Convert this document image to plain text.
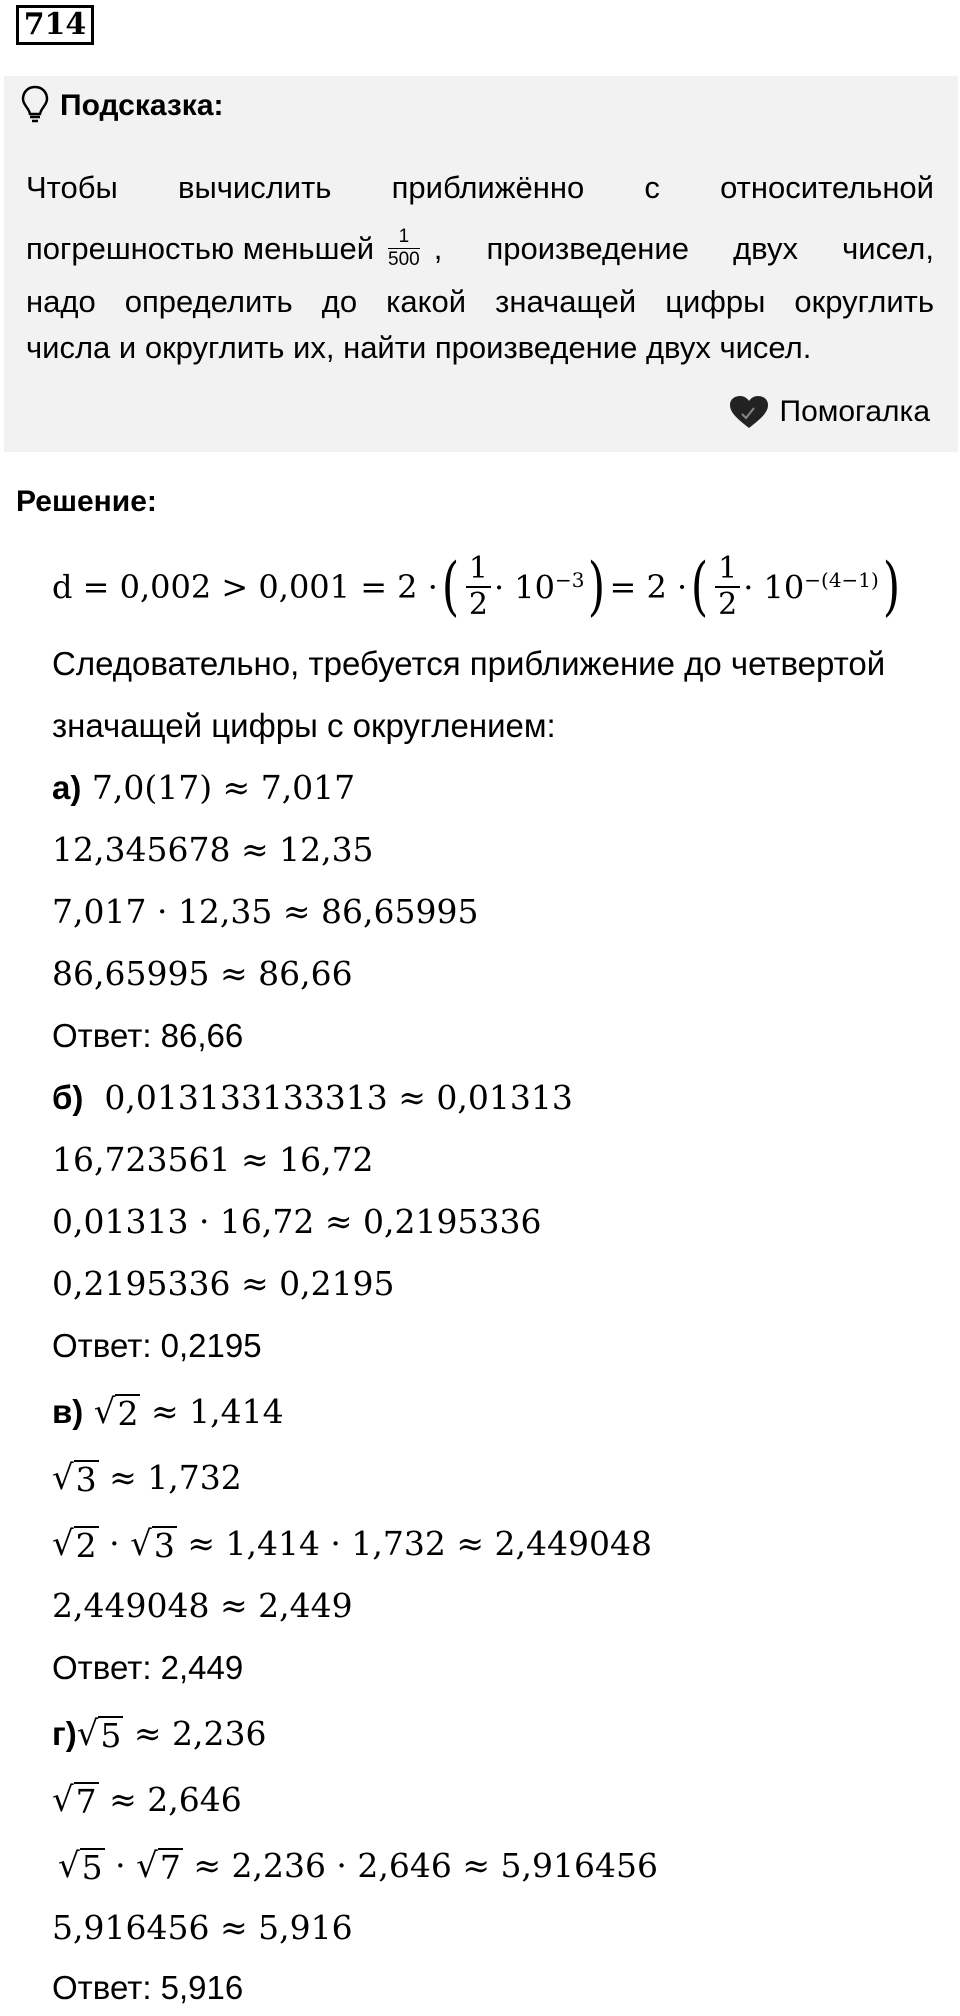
714
Подсказка:
Чтобы вычислить приближённо с относительной
погрешностью меньшей $\frac{1}{500}$ , произведение двух чисел,
надо определить до какой значащей цифры округлить
числа и округлить их, найти произведение двух чисел.
Помогалка
Решение:
d = 0,002 > 0,001 = 2 · ( $\frac{1}{2} \cdot 10^{-3}$ ) = 2 · ( $\frac{1}{2} \cdot 10^{-(4-1)}$ )
Следовательно, требуется приближение до четвертой
значащей цифры с округлением:
а) 7,0(17) ≈ 7,017
12,345678 ≈ 12,35
7,017 · 12,35 ≈ 86,65995
86,65995 ≈ 86,66
Ответ: 86,66
б) 0,013133133313 ≈ 0,01313
16,723561 ≈ 16,72
0,01313 · 16,72 ≈ 0,2195336
0,2195336 ≈ 0,2195
Ответ: 0,2195
в) √ 2 ≈ 1,414
√ 3 ≈ 1,732
√ 2 · √ 3 ≈ 1,414 · 1,732 ≈ 2,449048
2,449048 ≈ 2,449
Ответ: 2,449
г) √ 5 ≈ 2,236
√ 7 ≈ 2,646
√ 5 · √ 7 ≈ 2,236 · 2,646 ≈ 5,916456
5,916456 ≈ 5,916
Ответ: 5,916
